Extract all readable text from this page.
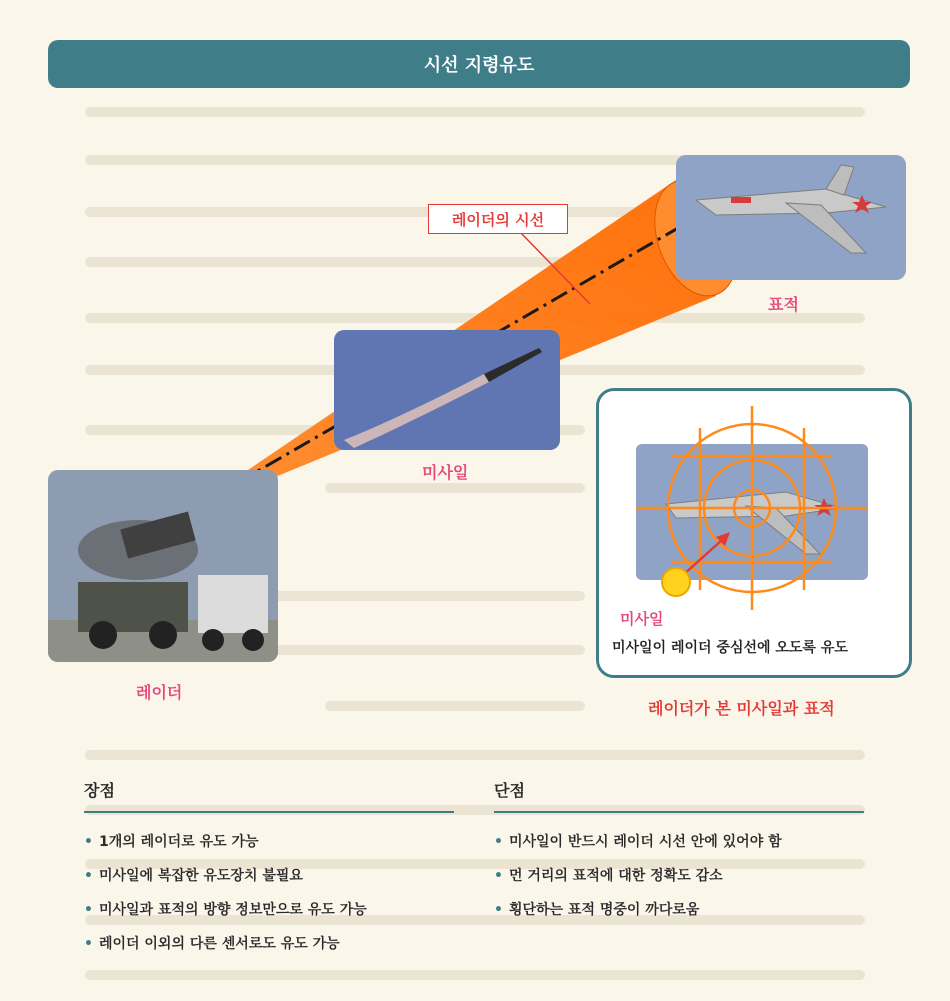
시선 지령유도
표적
레이더의 시선
미사일
레이더
미사일
미사일이 레이더 중심선에 오도록 유도
레이더가 본 미사일과 표적
장점
• 1개의 레이더로 유도 가능
• 미사일에 복잡한 유도장치 불필요
• 미사일과 표적의 방향 정보만으로 유도 가능
• 레이더 이외의 다른 센서로도 유도 가능
단점
• 미사일이 반드시 레이더 시선 안에 있어야 함
• 먼 거리의 표적에 대한 정확도 감소
• 횡단하는 표적 명중이 까다로움
